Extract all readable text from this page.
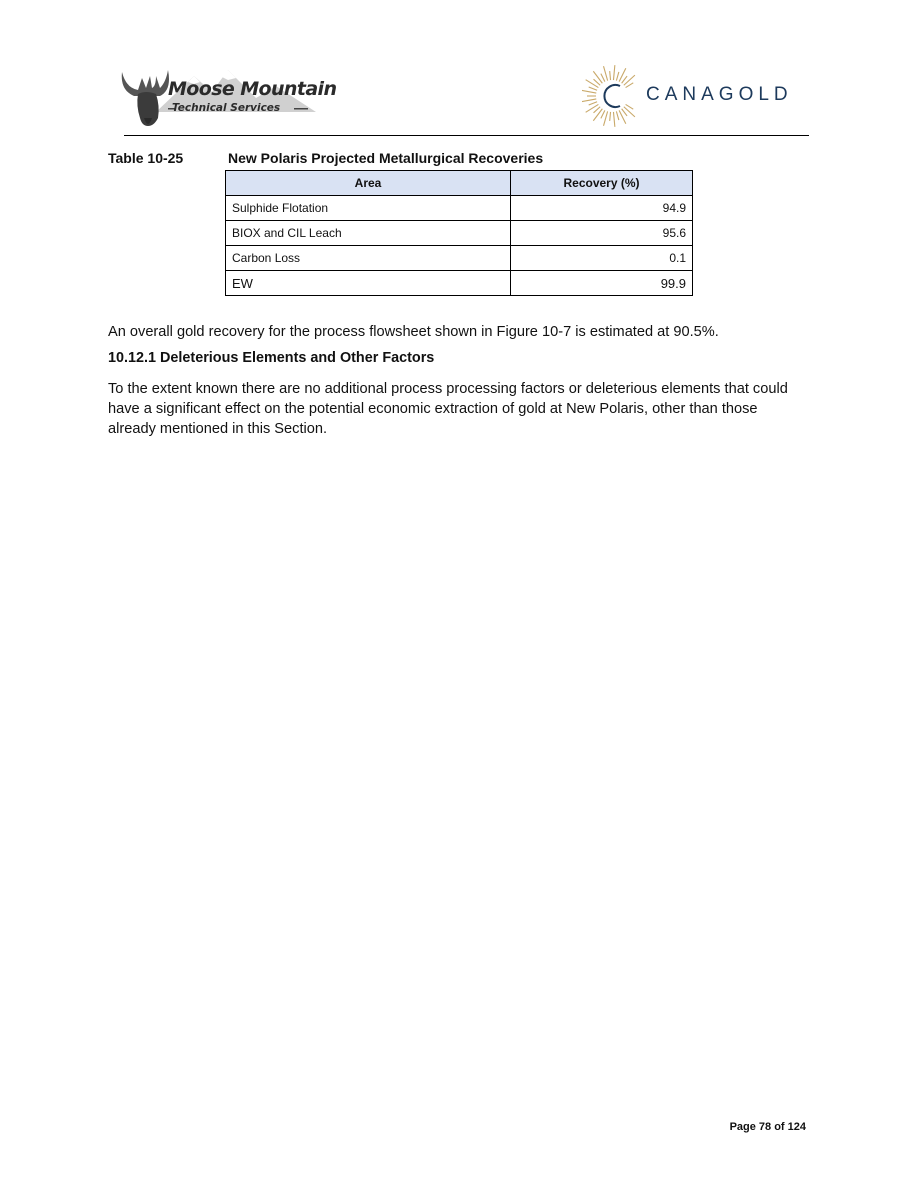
Moose Mountain
Technical Services
CANAGOLD
Table 10-25	New Polaris Projected Metallurgical Recoveries
Area	Recovery (%)
Sulphide Flotation	94.9
BIOX and CIL Leach	95.6
Carbon Loss	0.1
EW	99.9
An overall gold recovery for the process flowsheet shown in Figure 10-7 is estimated at 90.5%.
10.12.1 Deleterious Elements and Other Factors
To the extent known there are no additional process processing factors or deleterious elements that could have a significant effect on the potential economic extraction of gold at New Polaris, other than those already mentioned in this Section.
Page 78 of 124
